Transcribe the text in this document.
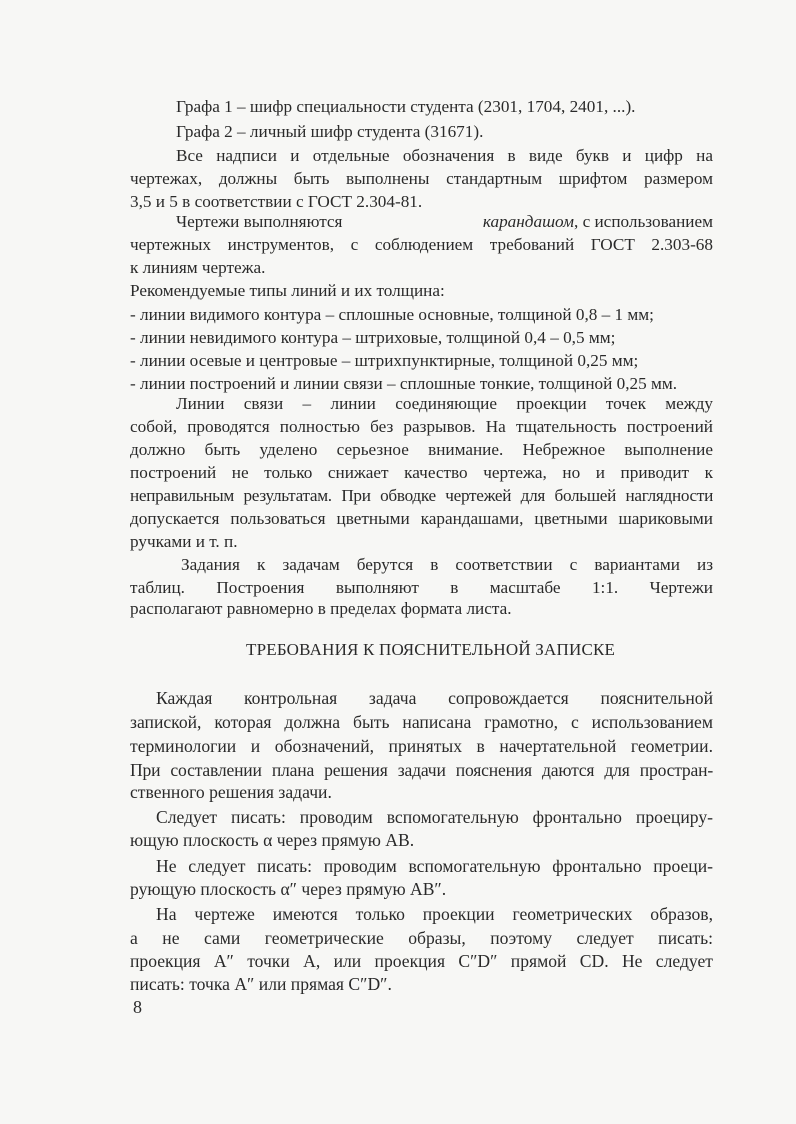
Графа 1 – шифр специальности студента (2301, 1704, 2401, ...).
Графа 2 – личный шифр студента (31671).
Все надписи и отдельные обозначения в виде букв и цифр на
чертежах, должны быть выполнены стандартным шрифтом размером
3,5 и 5 в соответствии с ГОСТ 2.304-81.
Чертежи выполняются	карандашом, с использованием
чертежных инструментов, с соблюдением требований ГОСТ 2.303-68
к линиям чертежа.
Рекомендуемые типы линий и их толщина:
- линии видимого контура – сплошные основные, толщиной 0,8 – 1 мм;
- линии невидимого контура – штриховые, толщиной 0,4 – 0,5 мм;
- линии осевые и центровые – штрихпунктирные, толщиной 0,25 мм;
- линии построений и линии связи – сплошные тонкие, толщиной 0,25 мм.
Линии связи – линии соединяющие проекции точек между
собой, проводятся полностью без разрывов. На тщательность построений
должно быть уделено серьезное внимание. Небрежное выполнение
построений не только снижает качество чертежа, но и приводит к
неправильным результатам. При обводке чертежей для большей наглядности
допускается пользоваться цветными карандашами, цветными шариковыми
ручками и т. п.
Задания к задачам берутся в соответствии с вариантами из
таблиц. Построения выполняют в масштабе 1:1. Чертежи
располагают равномерно в пределах формата листа.
ТРЕБОВАНИЯ К ПОЯСНИТЕЛЬНОЙ ЗАПИСКЕ
Каждая контрольная задача сопровождается пояснительной
запиской, которая должна быть написана грамотно, с использованием
терминологии и обозначений, принятых в начертательной геометрии.
При составлении плана решения задачи пояснения даются для простран-
ственного решения задачи.
Следует писать: проводим вспомогательную фронтально проециру-
ющую плоскость α через прямую АВ.
Не следует писать: проводим вспомогательную фронтально проеци-
рующую плоскость α″ через прямую АВ″.
На чертеже имеются только проекции геометрических образов,
а не сами геометрические образы, поэтому следует писать:
проекция А″ точки А, или проекция С″D″ прямой CD. Не следует
писать: точка А″ или прямая С″D″.
8
